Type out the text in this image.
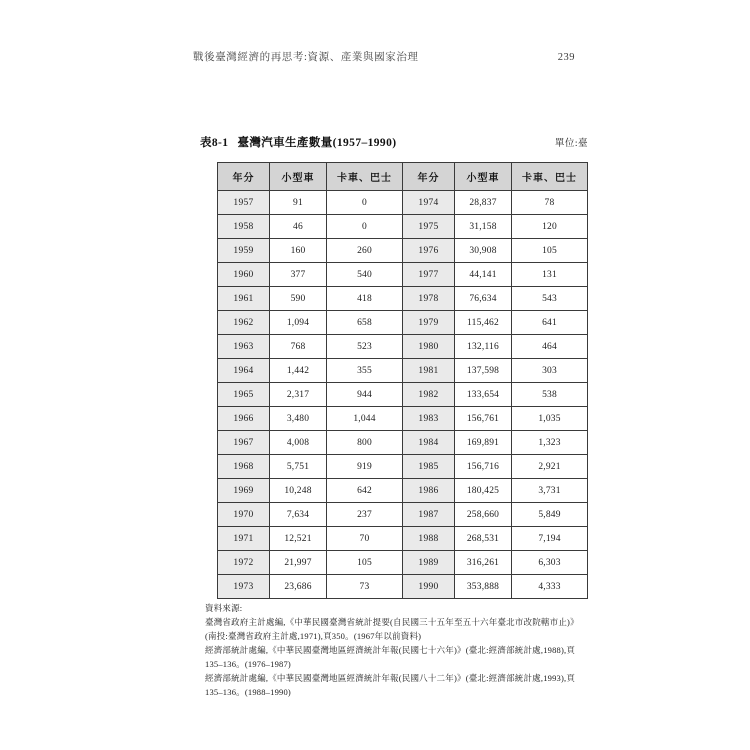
戰後臺灣經濟的再思考:資源、產業與國家治理	239
表8-1 臺灣汽車生產數量(1957–1990)	單位:臺
年分	小型車	卡車、巴士	年分	小型車	卡車、巴士
1957	91	0	1974	28,837	78
1958	46	0	1975	31,158	120
1959	160	260	1976	30,908	105
1960	377	540	1977	44,141	131
1961	590	418	1978	76,634	543
1962	1,094	658	1979	115,462	641
1963	768	523	1980	132,116	464
1964	1,442	355	1981	137,598	303
1965	2,317	944	1982	133,654	538
1966	3,480	1,044	1983	156,761	1,035
1967	4,008	800	1984	169,891	1,323
1968	5,751	919	1985	156,716	2,921
1969	10,248	642	1986	180,425	3,731
1970	7,634	237	1987	258,660	5,849
1971	12,521	70	1988	268,531	7,194
1972	21,997	105	1989	316,261	6,303
1973	23,686	73	1990	353,888	4,333

資料來源:

臺灣省政府主計處編,《中華民國臺灣省統計提要(自民國三十五年至五十六年臺北市改院轄市止)》(南投:臺灣省政府主計處,1971),頁350。(1967年以前資料)

經濟部統計處編,《中華民國臺灣地區經濟統計年報(民國七十六年)》(臺北:經濟部統計處,1988),頁135–136。(1976–1987)

經濟部統計處編,《中華民國臺灣地區經濟統計年報(民國八十二年)》(臺北:經濟部統計處,1993),頁135–136。(1988–1990)
